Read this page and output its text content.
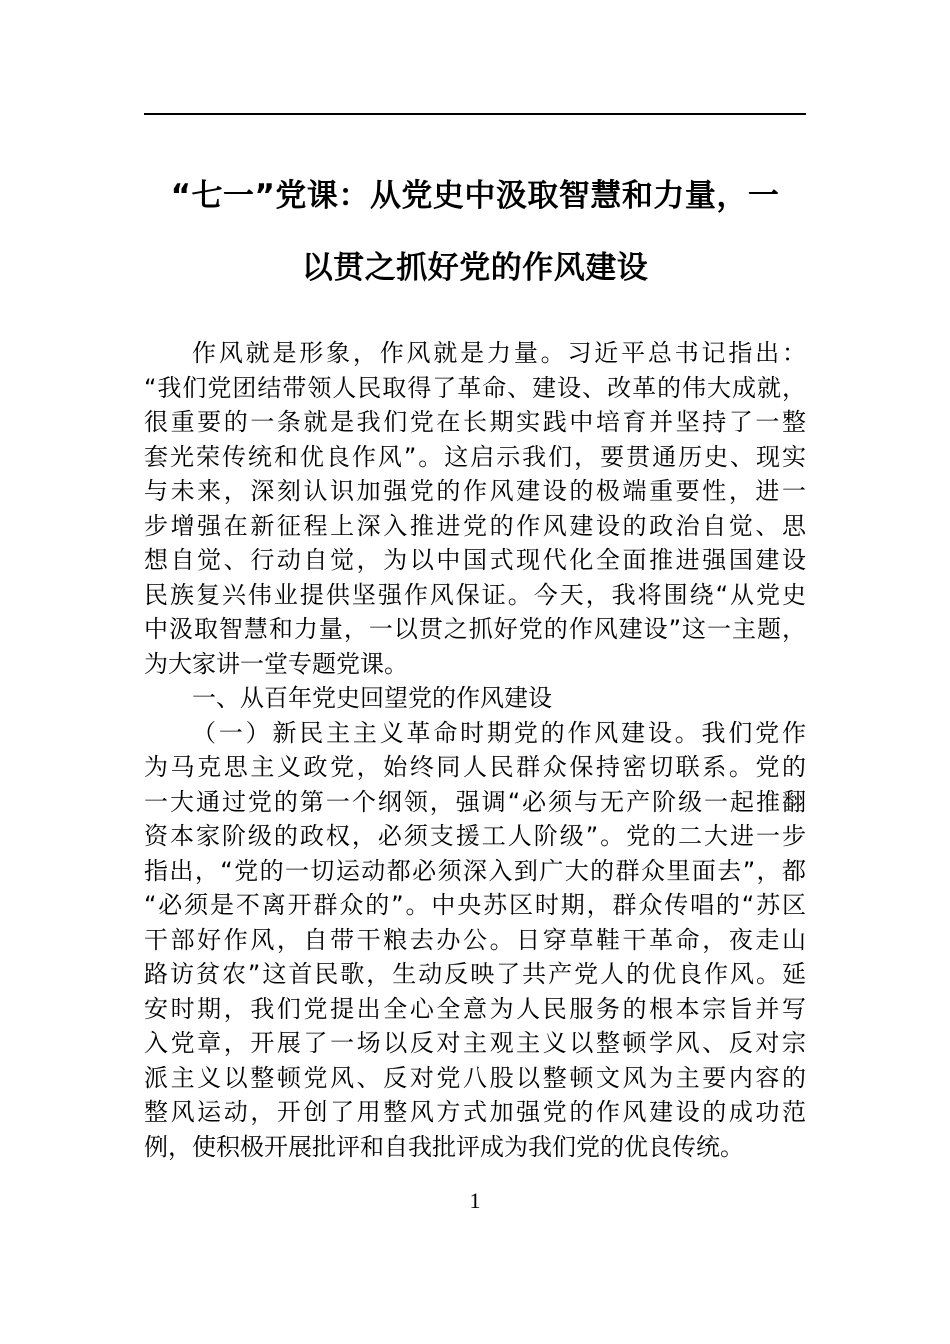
“七一”党课：从党史中汲取智慧和力量，一
以贯之抓好党的作风建设
作风就是形象，作风就是力量。习近平总书记指出：
“我们党团结带领人民取得了革命、建设、改革的伟大成就，
很重要的一条就是我们党在长期实践中培育并坚持了一整
套光荣传统和优良作风”。这启示我们，要贯通历史、现实
与未来，深刻认识加强党的作风建设的极端重要性，进一
步增强在新征程上深入推进党的作风建设的政治自觉、思
想自觉、行动自觉，为以中国式现代化全面推进强国建设
民族复兴伟业提供坚强作风保证。今天，我将围绕“从党史
中汲取智慧和力量，一以贯之抓好党的作风建设”这一主题，
为大家讲一堂专题党课。
一、从百年党史回望党的作风建设
（一）新民主主义革命时期党的作风建设。我们党作
为马克思主义政党，始终同人民群众保持密切联系。党的
一大通过党的第一个纲领，强调“必须与无产阶级一起推翻
资本家阶级的政权，必须支援工人阶级”。党的二大进一步
指出，“党的一切运动都必须深入到广大的群众里面去”，都
“必须是不离开群众的”。中央苏区时期，群众传唱的“苏区
干部好作风，自带干粮去办公。日穿草鞋干革命，夜走山
路访贫农”这首民歌，生动反映了共产党人的优良作风。延
安时期，我们党提出全心全意为人民服务的根本宗旨并写
入党章，开展了一场以反对主观主义以整顿学风、反对宗
派主义以整顿党风、反对党八股以整顿文风为主要内容的
整风运动，开创了用整风方式加强党的作风建设的成功范
例，使积极开展批评和自我批评成为我们党的优良传统。
1
